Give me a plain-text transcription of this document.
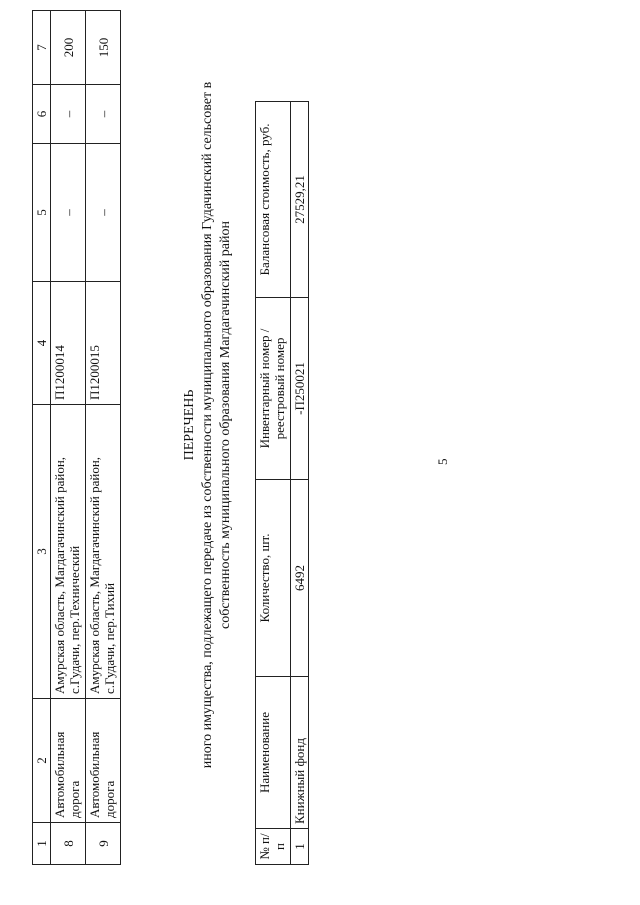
5
1	2	3	4	5	6	7
8	Автомобильная дорога	Амурская область, Магдагачинский район, с.Гудачи, пер.Технический	П1200014	–	–	200
9	Автомобильная дорога	Амурская область, Магдагачинский район, с.Гудачи, пер.Тихий	П1200015	–	–	150
ПЕРЕЧЕНЬ иного имущества, подлежащего передаче из собственности муниципального образования Гудачинский сельсовет в собственность муниципального образования Магдагачинский район
№ п/п	Наименование	Количество, шт.	Инвентарный номер / реестровый номер	Балансовая стоимость, руб.
1	Книжный фонд	6492	-П250021	27529,21
